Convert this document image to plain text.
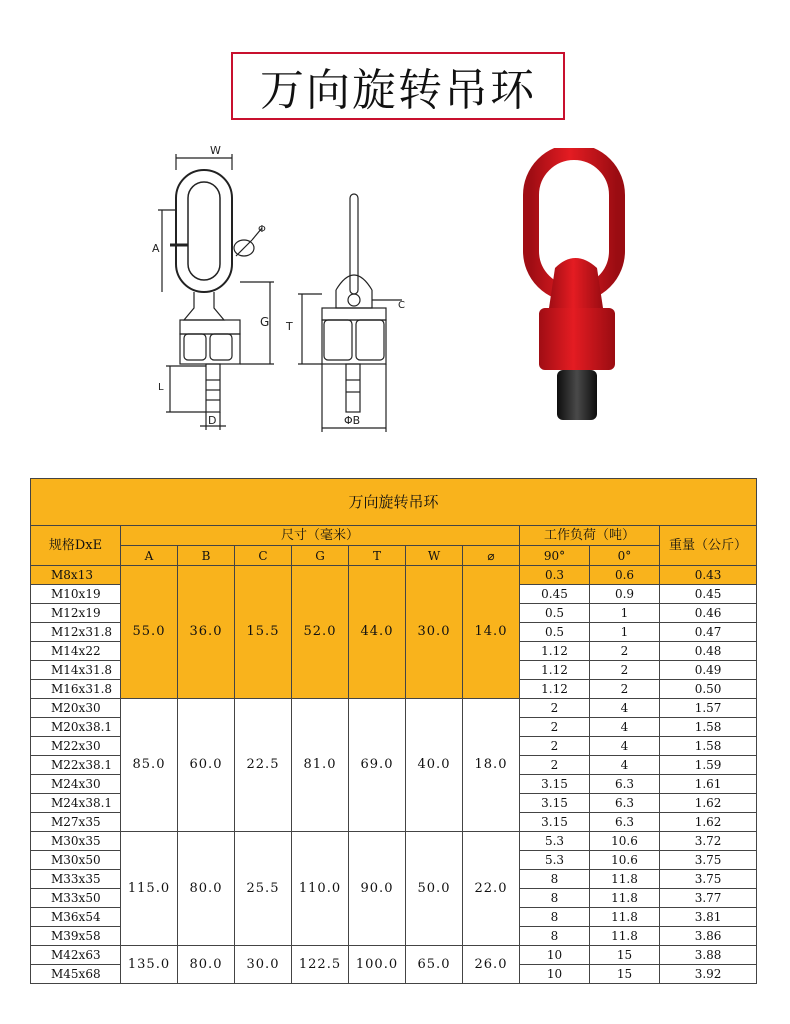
万向旋转吊环
Φ
W
A
G
L
D
C
T
ΦB
万向旋转吊环										
规格DxE	尺寸（毫米）							工作负荷（吨）		重量（公斤）
	A	B	C	G	T	W	⌀	90°	0°	
M8x13	55.0	36.0	15.5	52.0	44.0	30.0	14.0	0.3	0.6	0.43
M10x19								0.45	0.9	0.45
M12x19								0.5	1	0.46
M12x31.8								0.5	1	0.47
M14x22								1.12	2	0.48
M14x31.8								1.12	2	0.49
M16x31.8								1.12	2	0.50
M20x30	85.0	60.0	22.5	81.0	69.0	40.0	18.0	2	4	1.57
M20x38.1								2	4	1.58
M22x30								2	4	1.58
M22x38.1								2	4	1.59
M24x30								3.15	6.3	1.61
M24x38.1								3.15	6.3	1.62
M27x35								3.15	6.3	1.62
M30x35	115.0	80.0	25.5	110.0	90.0	50.0	22.0	5.3	10.6	3.72
M30x50								5.3	10.6	3.75
M33x35								8	11.8	3.75
M33x50								8	11.8	3.77
M36x54								8	11.8	3.81
M39x58								8	11.8	3.86
M42x63	135.0	80.0	30.0	122.5	100.0	65.0	26.0	10	15	3.88
M45x68								10	15	3.92
